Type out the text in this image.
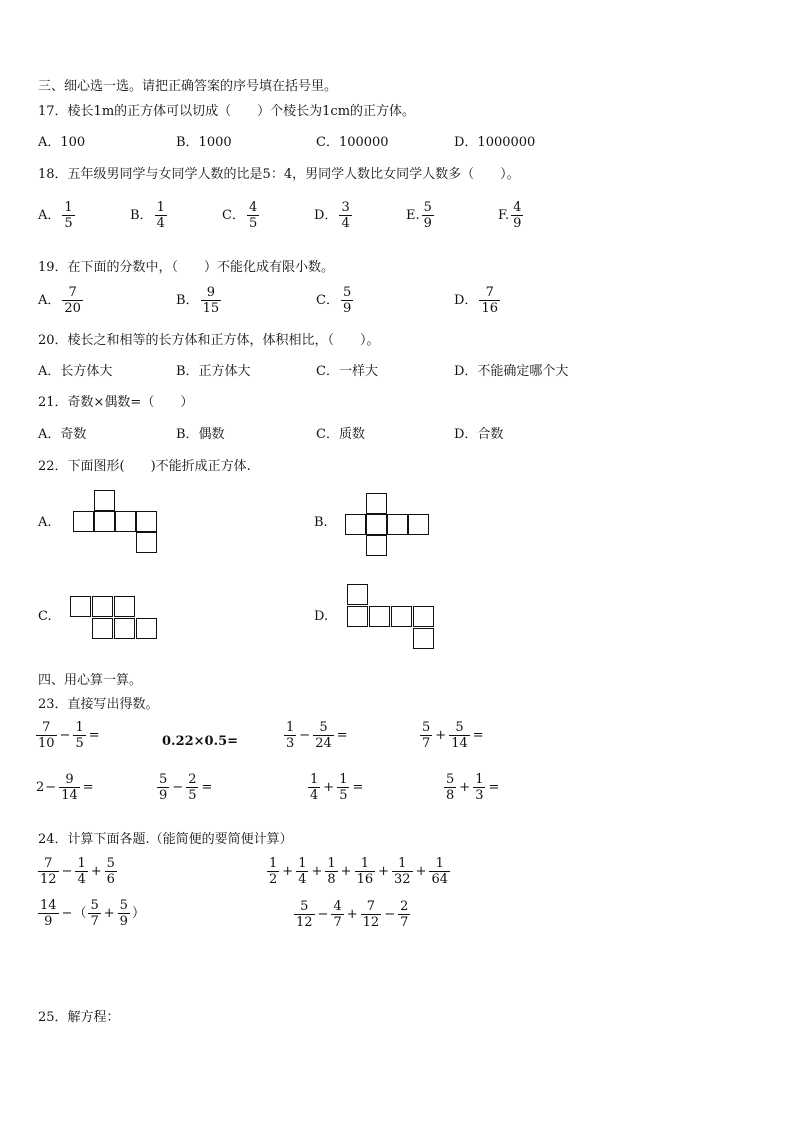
三、细心选一选。请把正确答案的序号填在括号里。
17．棱长1m的正方体可以切成（　　）个棱长为1cm的正方体。
A．100	B．1000	C．100000	D．1000000
18．五年级男同学与女同学人数的比是5：4，男同学人数比女同学人数多（　　）。
A． $\frac{1}{5}$	B． $\frac{1}{4}$	C． $\frac{4}{5}$	D． $\frac{3}{4}$	E. $\frac{5}{9}$	F. $\frac{4}{9}$
19．在下面的分数中，（　　）不能化成有限小数。
A． $\frac{7}{20}$	B． $\frac{9}{15}$	C． $\frac{5}{9}$	D． $\frac{7}{16}$
20．棱长之和相等的长方体和正方体，体积相比，（　　）。
A．长方体大	B．正方体大	C．一样大	D．不能确定哪个大
21．奇数×偶数=（　　）
A．奇数	B．偶数	C．质数	D．合数
22．下面图形(　　)不能折成正方体.
A.	B.
C.	D.
四、用心算一算。
23．直接写出得数。
$\frac{7}{10} - \frac{1}{5}$ =	0.22×0.5=	$\frac{1}{3} - \frac{5}{24}$ =	$\frac{5}{7} + \frac{5}{14}$ =
$2 - \frac{9}{14}$ =	$\frac{5}{9} - \frac{2}{5}$ =	$\frac{1}{4} + \frac{1}{5}$ =	$\frac{5}{8} + \frac{1}{3}$ =
24．计算下面各题.（能简便的要简便计算）
$\frac{7}{12} - \frac{1}{4} + \frac{5}{6}$	$\frac{1}{2} + \frac{1}{4} + \frac{1}{8} + \frac{1}{16} + \frac{1}{32} + \frac{1}{64}$
$\frac{14}{9}$ − （ $\frac{5}{7} + \frac{5}{9}$ ）	$\frac{5}{12} - \frac{4}{7} + \frac{7}{12} - \frac{2}{7}$
25．解方程：
